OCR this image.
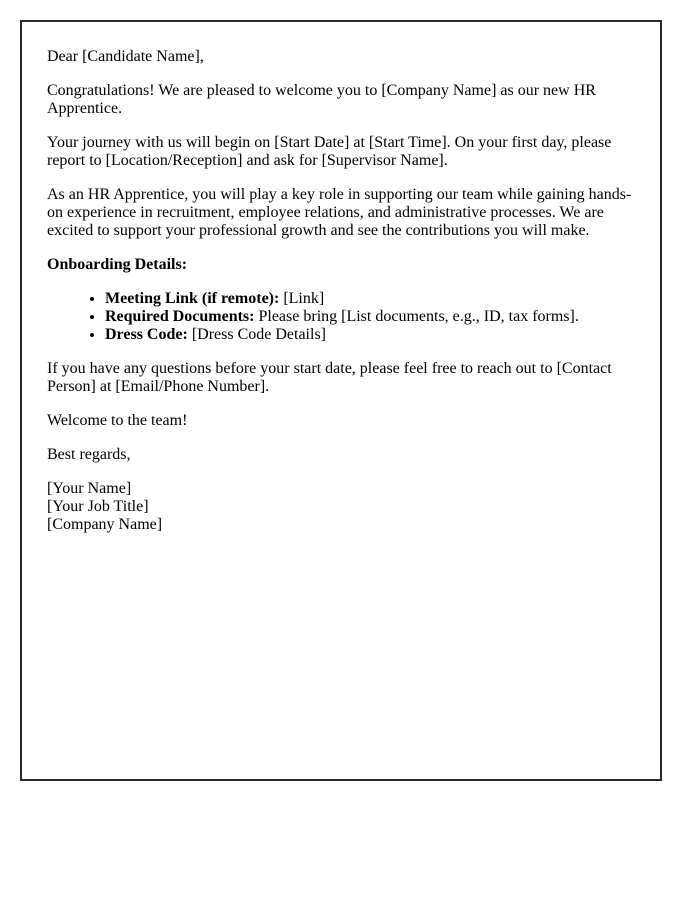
Dear [Candidate Name],

Congratulations! We are pleased to welcome you to [Company Name] as our new HR Apprentice.

Your journey with us will begin on [Start Date] at [Start Time]. On your first day, please report to [Location/Reception] and ask for [Supervisor Name].

As an HR Apprentice, you will play a key role in supporting our team while gaining hands-on experience in recruitment, employee relations, and administrative processes. We are excited to support your professional growth and see the contributions you will make.

Onboarding Details:

• Meeting Link (if remote): [Link]
• Required Documents: Please bring [List documents, e.g., ID, tax forms].
• Dress Code: [Dress Code Details]

If you have any questions before your start date, please feel free to reach out to [Contact Person] at [Email/Phone Number].

Welcome to the team!

Best regards,

[Your Name]
[Your Job Title]
[Company Name]
